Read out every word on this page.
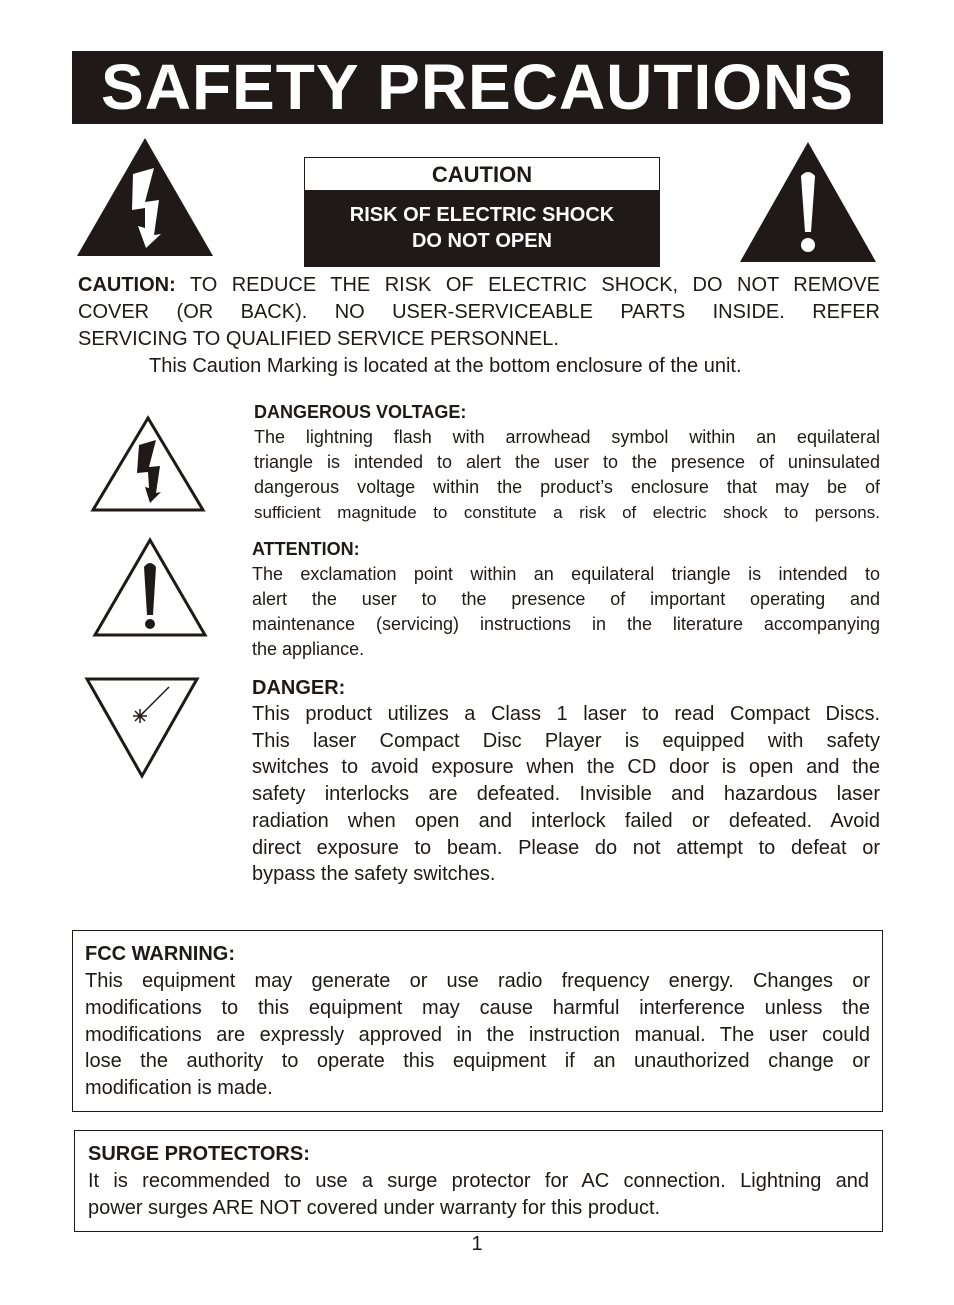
SAFETY PRECAUTIONS
CAUTION
RISK OF ELECTRIC SHOCK
DO NOT OPEN
CAUTION: TO REDUCE THE RISK OF ELECTRIC SHOCK, DO NOT REMOVE
COVER (OR BACK). NO USER-SERVICEABLE PARTS INSIDE. REFER
SERVICING TO QUALIFIED SERVICE PERSONNEL.
This Caution Marking is located at the bottom enclosure of the unit.
DANGEROUS VOLTAGE:
The lightning flash with arrowhead symbol within an equilateral
triangle is intended to alert the user to the presence of uninsulated
dangerous voltage within the product’s enclosure that may be of
sufficient magnitude to constitute a risk of electric shock to persons.
ATTENTION:
The exclamation point within an equilateral triangle is intended to
alert the user to the presence of important operating and
maintenance (servicing) instructions in the literature accompanying
the appliance.
DANGER:
This product utilizes a Class 1 laser to read Compact Discs.
This laser Compact Disc Player is equipped with safety
switches to avoid exposure when the CD door is open and the
safety interlocks are defeated. Invisible and hazardous laser
radiation when open and interlock failed or defeated. Avoid
direct exposure to beam. Please do not attempt to defeat or
bypass the safety switches.
FCC WARNING:
This equipment may generate or use radio frequency energy. Changes or
modifications to this equipment may cause harmful interference unless the
modifications are expressly approved in the instruction manual. The user could
lose the authority to operate this equipment if an unauthorized change or
modification is made.
SURGE PROTECTORS:
It is recommended to use a surge protector for AC connection. Lightning and
power surges ARE NOT covered under warranty for this product.
1
